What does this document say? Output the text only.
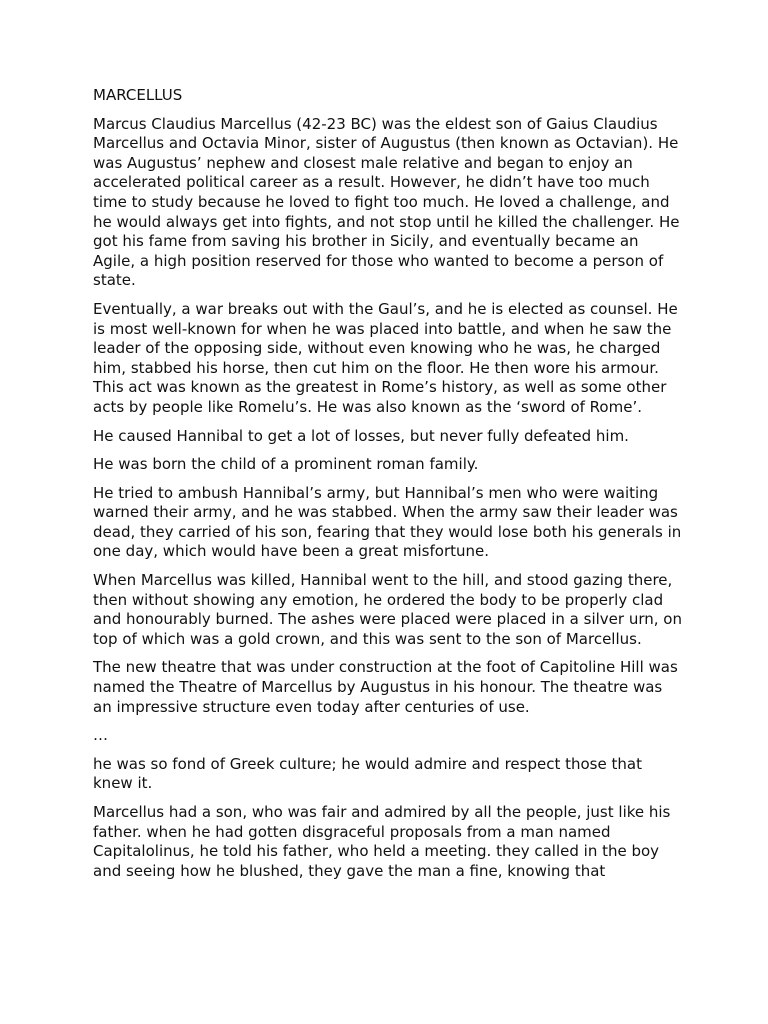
MARCELLUS

Marcus Claudius Marcellus (42-23 BC) was the eldest son of Gaius Claudius Marcellus and Octavia Minor, sister of Augustus (then known as Octavian). He was Augustus’ nephew and closest male relative and began to enjoy an accelerated political career as a result. However, he didn’t have too much time to study because he loved to fight too much. He loved a challenge, and he would always get into fights, and not stop until he killed the challenger. He got his fame from saving his brother in Sicily, and eventually became an Agile, a high position reserved for those who wanted to become a person of state.

Eventually, a war breaks out with the Gaul’s, and he is elected as counsel. He is most well-known for when he was placed into battle, and when he saw the leader of the opposing side, without even knowing who he was, he charged him, stabbed his horse, then cut him on the floor. He then wore his armour. This act was known as the greatest in Rome’s history, as well as some other acts by people like Romelu’s. He was also known as the ‘sword of Rome’.

He caused Hannibal to get a lot of losses, but never fully defeated him.

He was born the child of a prominent roman family.

He tried to ambush Hannibal’s army, but Hannibal’s men who were waiting warned their army, and he was stabbed. When the army saw their leader was dead, they carried of his son, fearing that they would lose both his generals in one day, which would have been a great misfortune.

When Marcellus was killed, Hannibal went to the hill, and stood gazing there, then without showing any emotion, he ordered the body to be properly clad and honourably burned. The ashes were placed were placed in a silver urn, on top of which was a gold crown, and this was sent to the son of Marcellus.

The new theatre that was under construction at the foot of Capitoline Hill was named the Theatre of Marcellus by Augustus in his honour. The theatre was an impressive structure even today after centuries of use.

…

he was so fond of Greek culture; he would admire and respect those that knew it.

Marcellus had a son, who was fair and admired by all the people, just like his father. when he had gotten disgraceful proposals from a man named Capitalolinus, he told his father, who held a meeting. they called in the boy and seeing how he blushed, they gave the man a fine, knowing that
